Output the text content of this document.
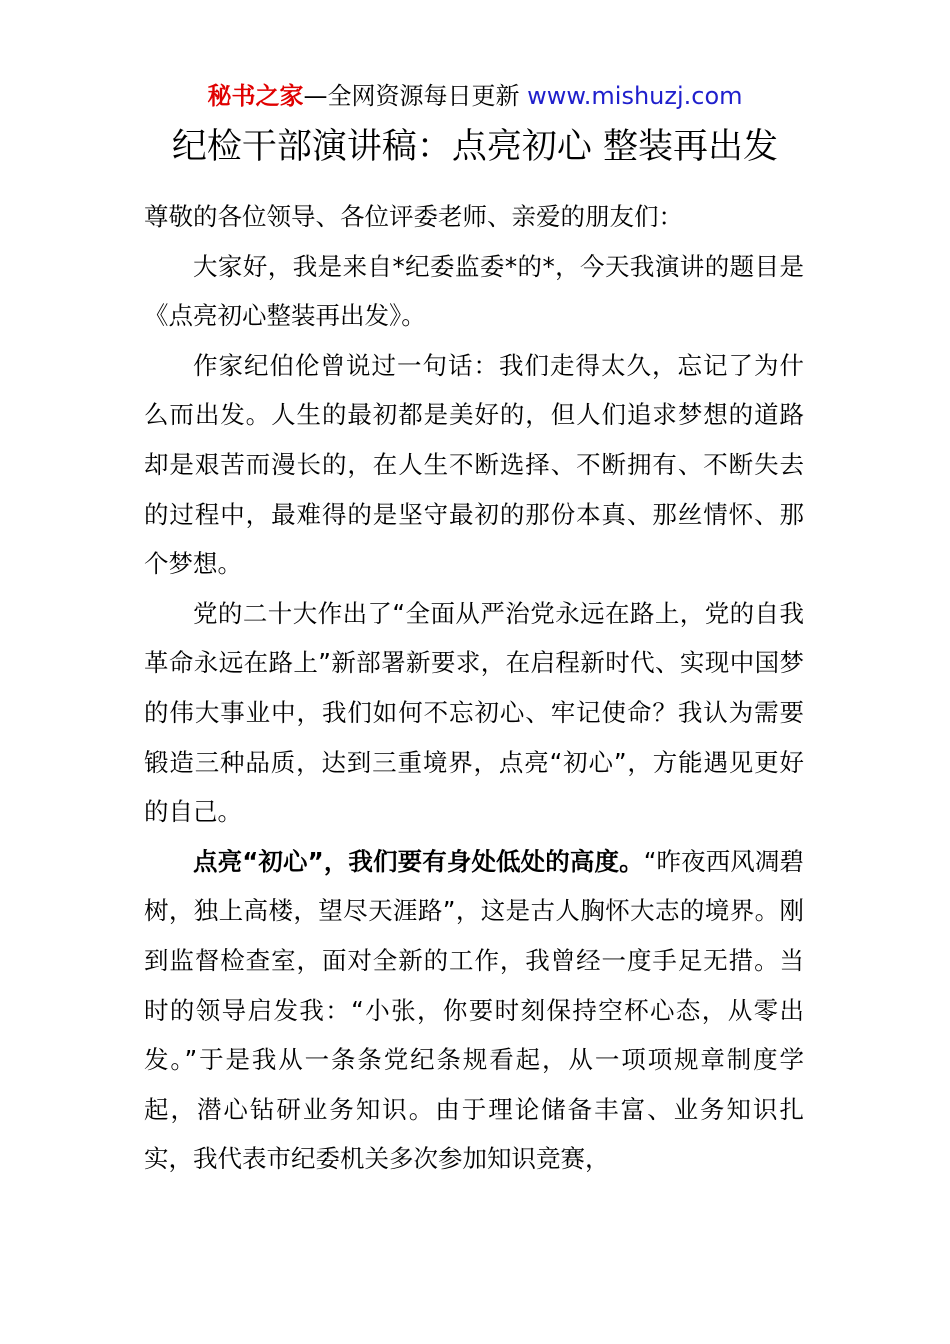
秘书之家—全网资源每日更新 www.mishuzj.com
纪检干部演讲稿：点亮初心 整装再出发

尊敬的各位领导、各位评委老师、亲爱的朋友们：

大家好，我是来自*纪委监委*的*，今天我演讲的题目是《点亮初心整装再出发》。

作家纪伯伦曾说过一句话：我们走得太久，忘记了为什么而出发。人生的最初都是美好的，但人们追求梦想的道路却是艰苦而漫长的，在人生不断选择、不断拥有、不断失去的过程中，最难得的是坚守最初的那份本真、那丝情怀、那个梦想。

党的二十大作出了“全面从严治党永远在路上，党的自我革命永远在路上”新部署新要求，在启程新时代、实现中国梦的伟大事业中，我们如何不忘初心、牢记使命？我认为需要锻造三种品质，达到三重境界，点亮“初心”，方能遇见更好的自己。

点亮“初心”，我们要有身处低处的高度。“昨夜西风凋碧树，独上高楼，望尽天涯路”，这是古人胸怀大志的境界。刚到监督检查室，面对全新的工作，我曾经一度手足无措。当时的领导启发我：“小张，你要时刻保持空杯心态，从零出发。”于是我从一条条党纪条规看起，从一项项规章制度学起，潜心钻研业务知识。由于理论储备丰富、业务知识扎实，我代表市纪委机关多次参加知识竞赛，
